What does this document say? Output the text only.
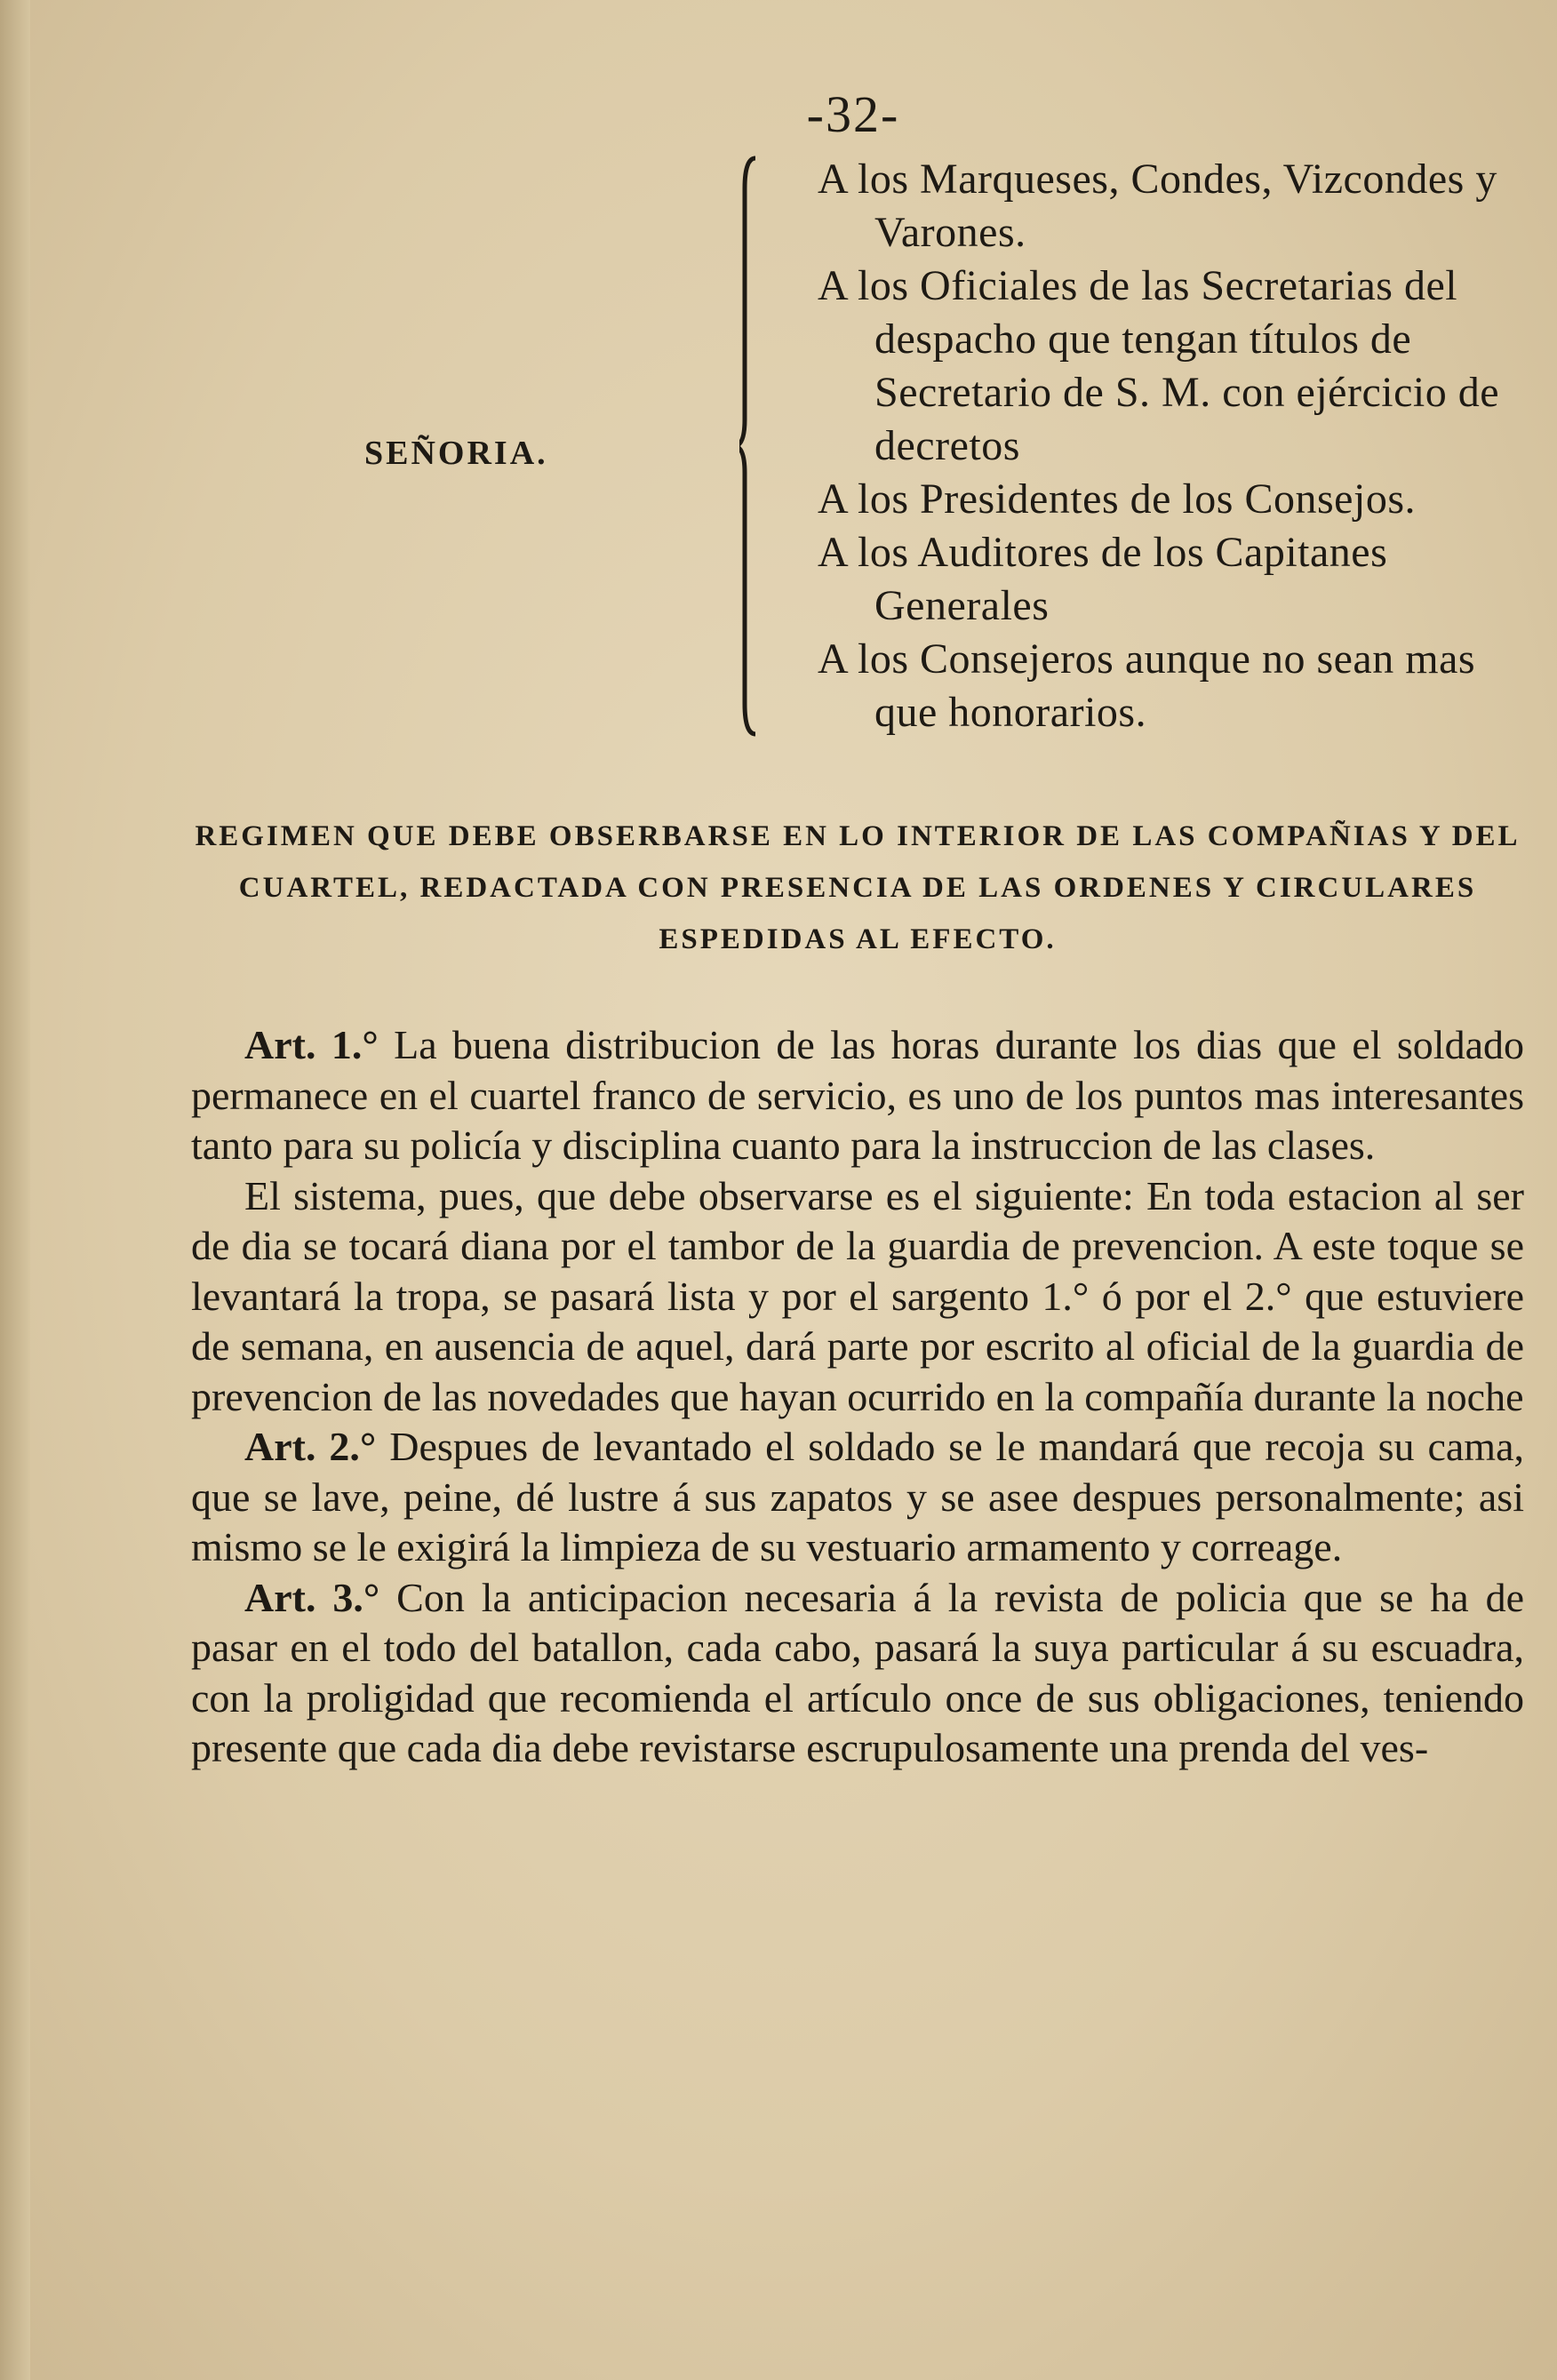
-32-
SEÑORIA.
A los Marqueses, Condes, Vizcondes y Varones.
A los Oficiales de las Secretarias del despacho que tengan títulos de Secretario de S. M. con ejércicio de decretos
A los Presidentes de los Consejos.
A los Auditores de los Capitanes Generales
A los Consejeros aunque no sean mas que honorarios.
REGIMEN QUE DEBE OBSERBARSE EN LO INTERIOR DE LAS COMPAÑIAS Y DEL CUARTEL, REDACTADA CON PRESENCIA DE LAS ORDENES Y CIRCULARES ESPEDIDAS AL EFECTO.

Art. 1.° La buena distribucion de las horas durante los dias que el soldado permanece en el cuartel franco de servicio, es uno de los puntos mas interesantes tanto para su policía y disciplina cuanto para la instruccion de las clases.

El sistema, pues, que debe observarse es el siguiente: En toda estacion al ser de dia se tocará diana por el tambor de la guardia de prevencion. A este toque se levantará la tropa, se pasará lista y por el sargento 1.° ó por el 2.° que estuviere de semana, en ausencia de aquel, dará parte por escrito al oficial de la guardia de prevencion de las novedades que hayan ocurrido en la compañía durante la noche

Art. 2.° Despues de levantado el soldado se le mandará que recoja su cama, que se lave, peine, dé lustre á sus zapatos y se asee despues personalmente; asi mismo se le exigirá la limpieza de su vestuario armamento y correage.

Art. 3.° Con la anticipacion necesaria á la revista de policia que se ha de pasar en el todo del batallon, cada cabo, pasará la suya particular á su escuadra, con la proligidad que recomienda el artículo once de sus obligaciones, teniendo presente que cada dia debe revistarse escrupulosamente una prenda del ves-
